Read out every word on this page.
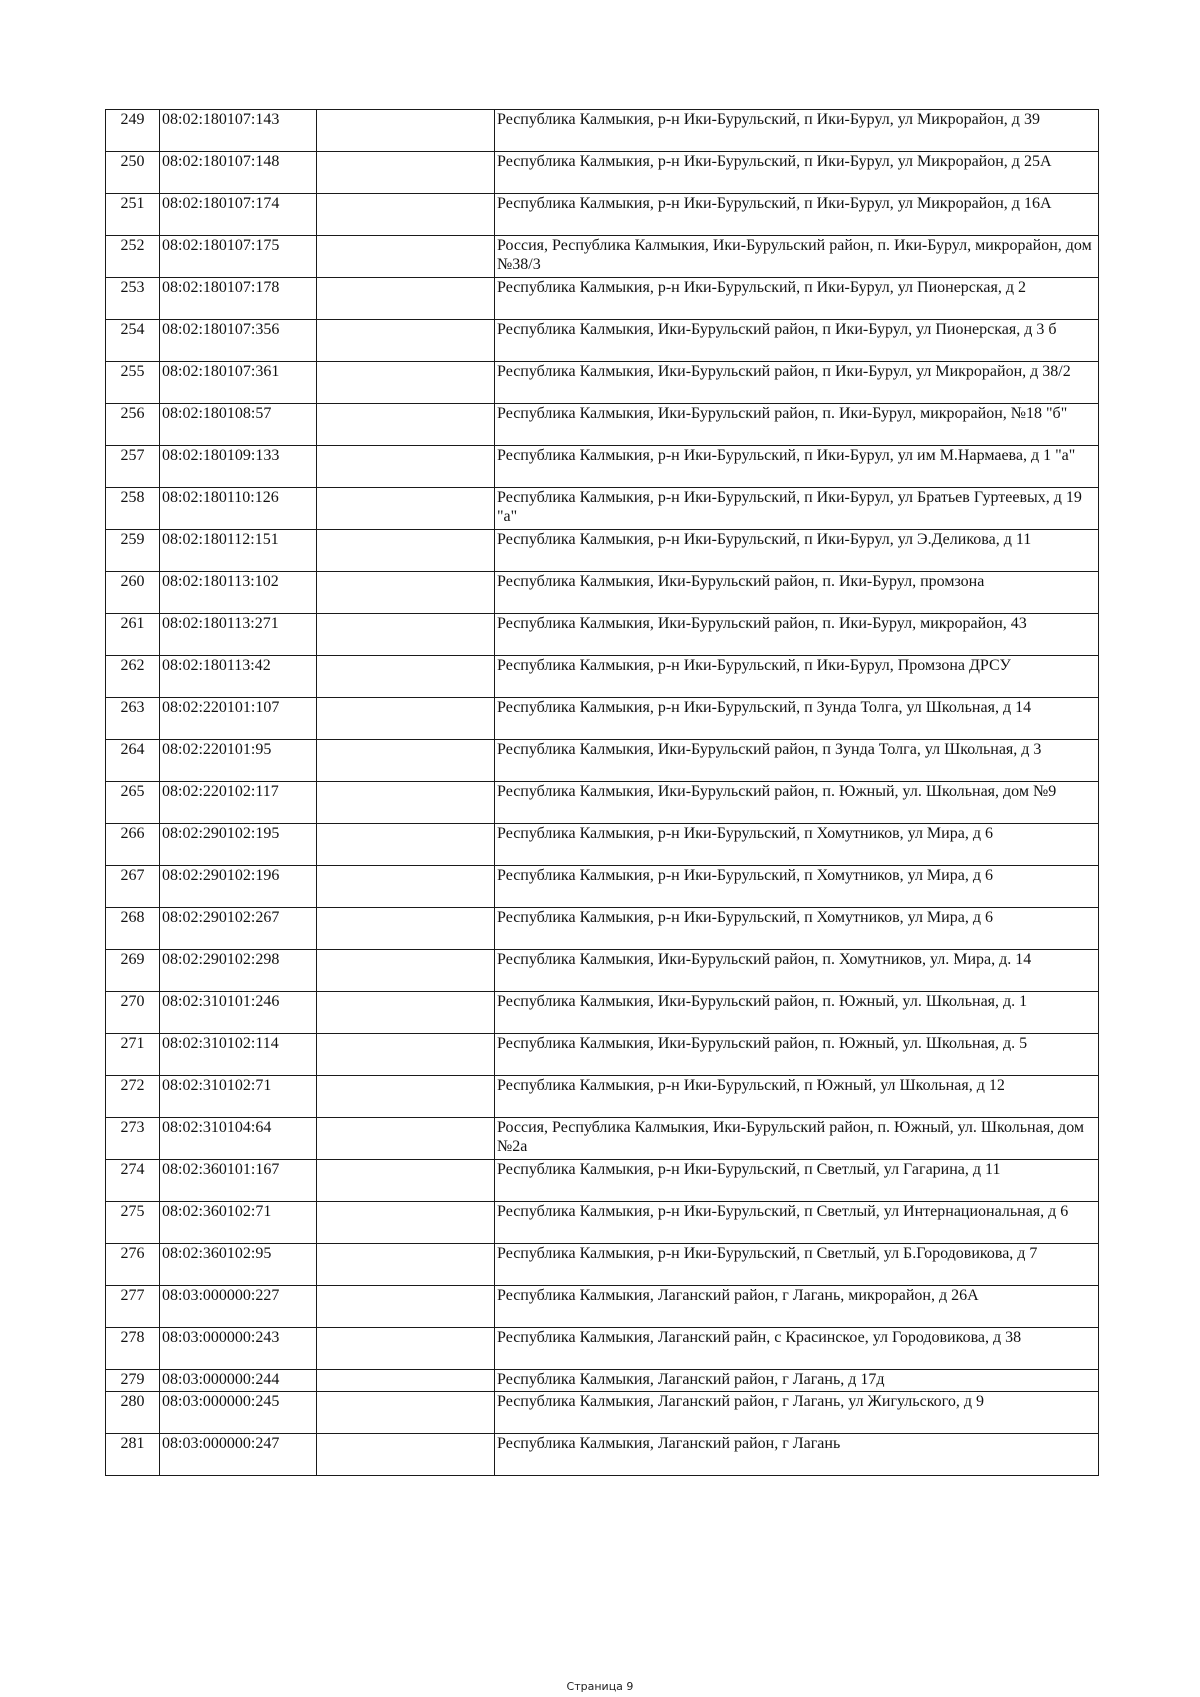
249	08:02:180107:143		Республика Калмыкия, р-н Ики-Бурульский, п Ики-Бурул, ул Микрорайон, д 39
250	08:02:180107:148		Республика Калмыкия, р-н Ики-Бурульский, п Ики-Бурул, ул Микрорайон, д 25А
251	08:02:180107:174		Республика Калмыкия, р-н Ики-Бурульский, п Ики-Бурул, ул Микрорайон, д 16А
252	08:02:180107:175		Россия, Республика Калмыкия, Ики-Бурульский район, п. Ики-Бурул, микрорайон, дом №38/3
253	08:02:180107:178		Республика Калмыкия, р-н Ики-Бурульский, п Ики-Бурул, ул Пионерская, д 2
254	08:02:180107:356		Республика Калмыкия, Ики-Бурульский район, п Ики-Бурул, ул Пионерская, д 3 б
255	08:02:180107:361		Республика Калмыкия, Ики-Бурульский район, п Ики-Бурул, ул Микрорайон, д 38/2
256	08:02:180108:57		Республика Калмыкия, Ики-Бурульский район, п. Ики-Бурул, микрорайон, №18 "б"
257	08:02:180109:133		Республика Калмыкия, р-н Ики-Бурульский, п Ики-Бурул, ул им М.Нармаева, д 1 "а"
258	08:02:180110:126		Республика Калмыкия, р-н Ики-Бурульский, п Ики-Бурул, ул Братьев Гуртеевых, д 19 "а"
259	08:02:180112:151		Республика Калмыкия, р-н Ики-Бурульский, п Ики-Бурул, ул Э.Деликова, д 11
260	08:02:180113:102		Республика Калмыкия, Ики-Бурульский район, п. Ики-Бурул, промзона
261	08:02:180113:271		Республика Калмыкия, Ики-Бурульский район, п. Ики-Бурул, микрорайон, 43
262	08:02:180113:42		Республика Калмыкия, р-н Ики-Бурульский, п Ики-Бурул, Промзона ДРСУ
263	08:02:220101:107		Республика Калмыкия, р-н Ики-Бурульский, п Зунда Толга, ул Школьная, д 14
264	08:02:220101:95		Республика Калмыкия, Ики-Бурульский район, п Зунда Толга, ул Школьная, д 3
265	08:02:220102:117		Республика Калмыкия, Ики-Бурульский район, п. Южный, ул. Школьная, дом №9
266	08:02:290102:195		Республика Калмыкия, р-н Ики-Бурульский, п Хомутников, ул Мира, д 6
267	08:02:290102:196		Республика Калмыкия, р-н Ики-Бурульский, п Хомутников, ул Мира, д 6
268	08:02:290102:267		Республика Калмыкия, р-н Ики-Бурульский, п Хомутников, ул Мира, д 6
269	08:02:290102:298		Республика Калмыкия, Ики-Бурульский район, п. Хомутников, ул. Мира, д. 14
270	08:02:310101:246		Республика Калмыкия, Ики-Бурульский район, п. Южный, ул. Школьная, д. 1
271	08:02:310102:114		Республика Калмыкия, Ики-Бурульский район, п. Южный, ул. Школьная, д. 5
272	08:02:310102:71		Республика Калмыкия, р-н Ики-Бурульский, п Южный, ул Школьная, д 12
273	08:02:310104:64		Россия, Республика Калмыкия, Ики-Бурульский район, п. Южный, ул. Школьная, дом №2а
274	08:02:360101:167		Республика Калмыкия, р-н Ики-Бурульский, п Светлый, ул Гагарина, д 11
275	08:02:360102:71		Республика Калмыкия, р-н Ики-Бурульский, п Светлый, ул Интернациональная, д 6
276	08:02:360102:95		Республика Калмыкия, р-н Ики-Бурульский, п Светлый, ул Б.Городовикова, д 7
277	08:03:000000:227		Республика Калмыкия, Лаганский район, г Лагань, микрорайон, д 26А
278	08:03:000000:243		Республика Калмыкия, Лаганский райн, с Красинское, ул Городовикова, д 38
279	08:03:000000:244		Республика Калмыкия, Лаганский район, г Лагань, д 17д
280	08:03:000000:245		Республика Калмыкия, Лаганский район, г Лагань, ул Жигульского, д 9
281	08:03:000000:247		Республика Калмыкия, Лаганский район, г Лагань
Страница 9
